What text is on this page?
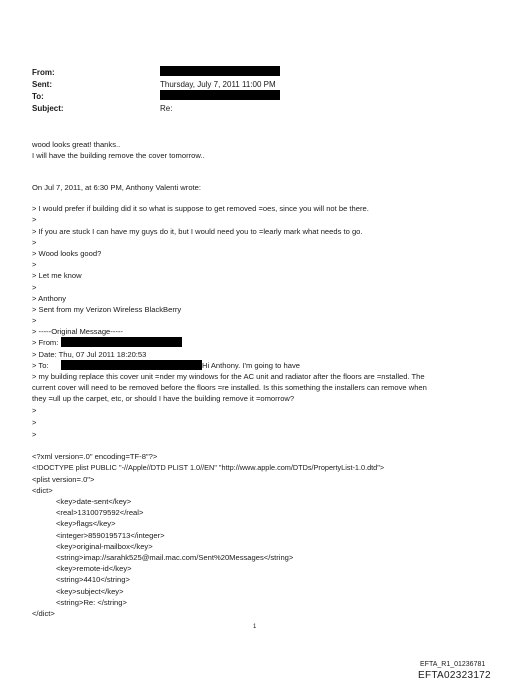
From:
Sent:	Thursday, July 7, 2011 11:00 PM
To:
Subject:	Re:
wood looks great! thanks..
I will have the building remove the cover tomorrow..
On Jul 7, 2011, at 6:30 PM, Anthony Valenti wrote:
> I would prefer if building did it so what is suppose to get removed =oes, since you will not be there.
>
> If you are stuck I can have my guys do it, but I would need you to =learly mark what needs to go.
>
> Wood looks good?
>
> Let me know
>
> Anthony
> Sent from my Verizon Wireless BlackBerry
>
> -----Original Message-----
> From:
> Date: Thu, 07 Jul 2011 18:20:53
> To:	Hi Anthony. I'm going to have
> my building replace this cover unit =nder my windows for the AC unit and radiator after the floors are =nstalled. The
current cover will need to be removed before the floors =re installed. Is this something the installers can remove when
they =ull up the carpet, etc, or should I have the building remove it =omorrow?
>
>
>
<?xml version=.0" encoding=TF-8"?>
<!DOCTYPE plist PUBLIC "-//Apple//DTD PLIST 1.0//EN" "http://www.apple.com/DTDs/PropertyList-1.0.dtd">
<plist version=.0">
<dict>
<key>date-sent</key>
<real>1310079592</real>
<key>flags</key>
<integer>8590195713</integer>
<key>original-mailbox</key>
<string>imap://sarahk525@mail.mac.com/Sent%20Messages</string>
<key>remote-id</key>
<string>4410</string>
<key>subject</key>
<string>Re: </string>
</dict>
1
EFTA_R1_01236781
EFTA02323172
